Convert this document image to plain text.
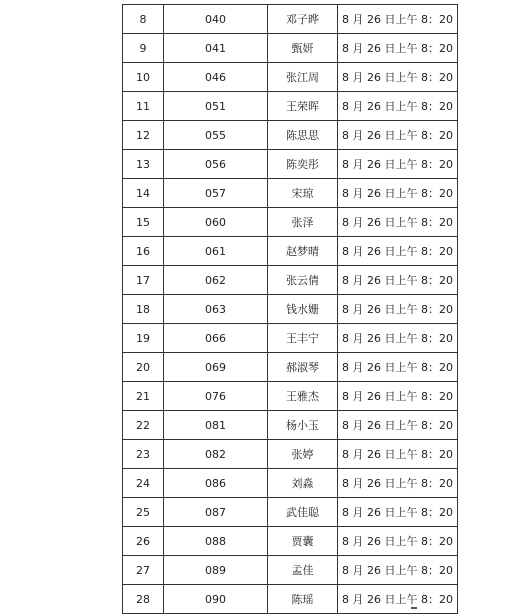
8	040	邓子晔	8 月 26 日上午 8：20
9	041	甄妍	8 月 26 日上午 8：20
10	046	张江周	8 月 26 日上午 8：20
11	051	王荣晖	8 月 26 日上午 8：20
12	055	陈思思	8 月 26 日上午 8：20
13	056	陈奕彤	8 月 26 日上午 8：20
14	057	宋琼	8 月 26 日上午 8：20
15	060	张泽	8 月 26 日上午 8：20
16	061	赵梦晴	8 月 26 日上午 8：20
17	062	张云倩	8 月 26 日上午 8：20
18	063	钱水姗	8 月 26 日上午 8：20
19	066	王丰宁	8 月 26 日上午 8：20
20	069	郝淑琴	8 月 26 日上午 8：20
21	076	王雅杰	8 月 26 日上午 8：20
22	081	杨小玉	8 月 26 日上午 8：20
23	082	张婷	8 月 26 日上午 8：20
24	086	刘淼	8 月 26 日上午 8：20
25	087	武佳聪	8 月 26 日上午 8：20
26	088	贾囊	8 月 26 日上午 8：20
27	089	孟佳	8 月 26 日上午 8：20
28	090	陈瑶	8 月 26 日上午 8：20
